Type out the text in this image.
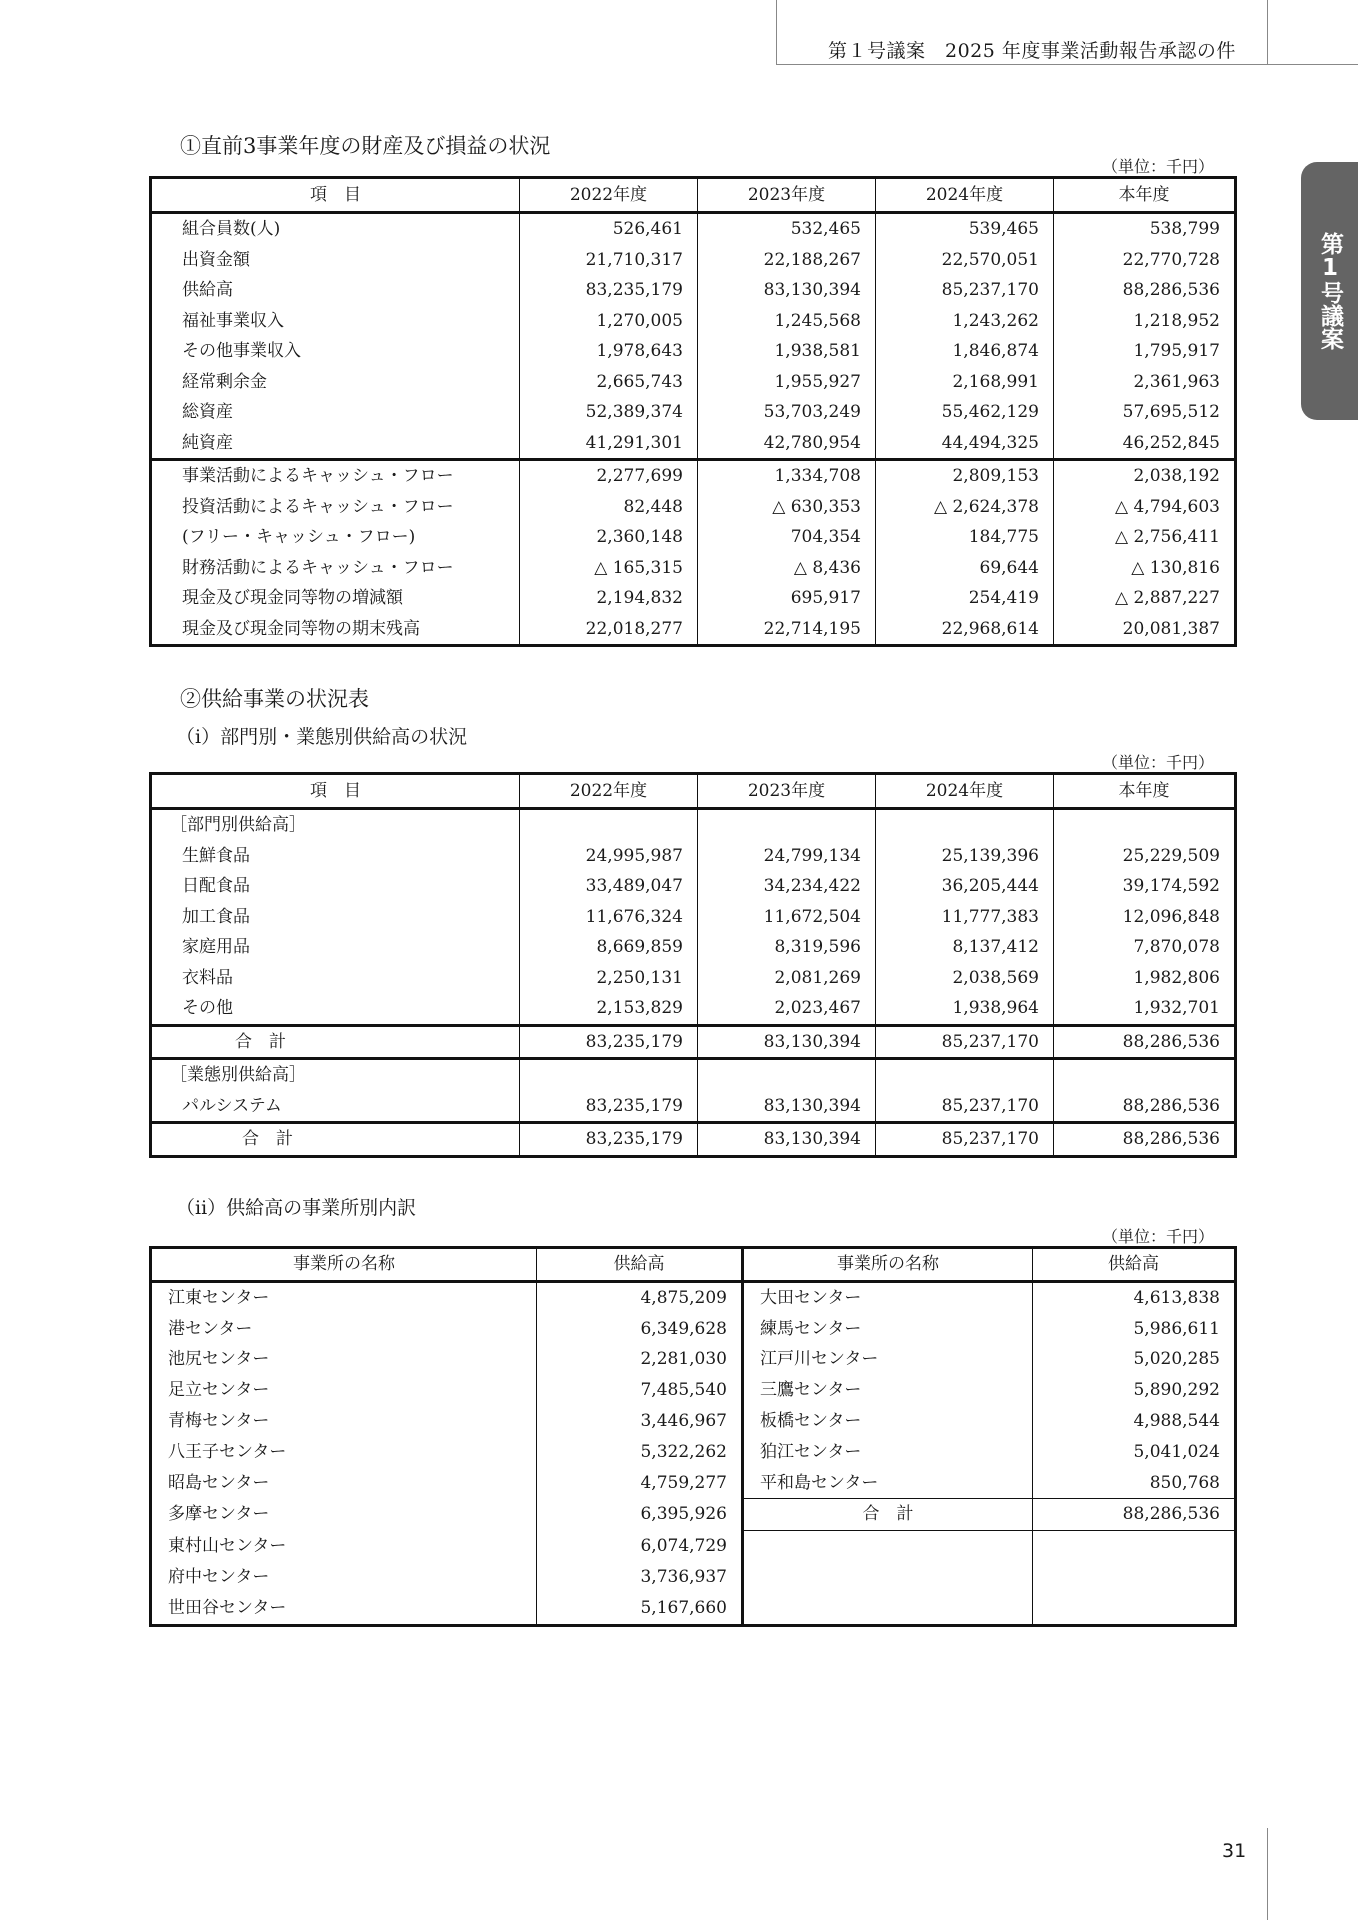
第１号議案　2025 年度事業活動報告承認の件
第1号議案
①直前3事業年度の財産及び損益の状況
（単位：千円）
項　目	2022年度	2023年度	2024年度	本年度
組合員数(人)	526,461	532,465	539,465	538,799
出資金額	21,710,317	22,188,267	22,570,051	22,770,728
供給高	83,235,179	83,130,394	85,237,170	88,286,536
福祉事業収入	1,270,005	1,245,568	1,243,262	1,218,952
その他事業収入	1,978,643	1,938,581	1,846,874	1,795,917
経常剰余金	2,665,743	1,955,927	2,168,991	2,361,963
総資産	52,389,374	53,703,249	55,462,129	57,695,512
純資産	41,291,301	42,780,954	44,494,325	46,252,845
事業活動によるキャッシュ・フロー	2,277,699	1,334,708	2,809,153	2,038,192
投資活動によるキャッシュ・フロー	82,448	△ 630,353	△ 2,624,378	△ 4,794,603
(フリー・キャッシュ・フロー)	2,360,148	704,354	184,775	△ 2,756,411
財務活動によるキャッシュ・フロー	△ 165,315	△ 8,436	69,644	△ 130,816
現金及び現金同等物の増減額	2,194,832	695,917	254,419	△ 2,887,227
現金及び現金同等物の期末残高	22,018,277	22,714,195	22,968,614	20,081,387
②供給事業の状況表
（ⅰ）部門別・業態別供給高の状況
（単位：千円）
項　目	2022年度	2023年度	2024年度	本年度
［部門別供給高］				
生鮮食品	24,995,987	24,799,134	25,139,396	25,229,509
日配食品	33,489,047	34,234,422	36,205,444	39,174,592
加工食品	11,676,324	11,672,504	11,777,383	12,096,848
家庭用品	8,669,859	8,319,596	8,137,412	7,870,078
衣料品	2,250,131	2,081,269	2,038,569	1,982,806
その他	2,153,829	2,023,467	1,938,964	1,932,701
合　計	83,235,179	83,130,394	85,237,170	88,286,536
［業態別供給高］				
パルシステム	83,235,179	83,130,394	85,237,170	88,286,536
合　計	83,235,179	83,130,394	85,237,170	88,286,536
（ⅱ）供給高の事業所別内訳
（単位：千円）
事業所の名称	供給高	事業所の名称	供給高
江東センター	4,875,209	大田センター	4,613,838
港センター	6,349,628	練馬センター	5,986,611
池尻センター	2,281,030	江戸川センター	5,020,285
足立センター	7,485,540	三鷹センター	5,890,292
青梅センター	3,446,967	板橋センター	4,988,544
八王子センター	5,322,262	狛江センター	5,041,024
昭島センター	4,759,277	平和島センター	850,768
多摩センター	6,395,926	合　計	88,286,536
東村山センター	6,074,729		
府中センター	3,736,937		
世田谷センター	5,167,660		
31
